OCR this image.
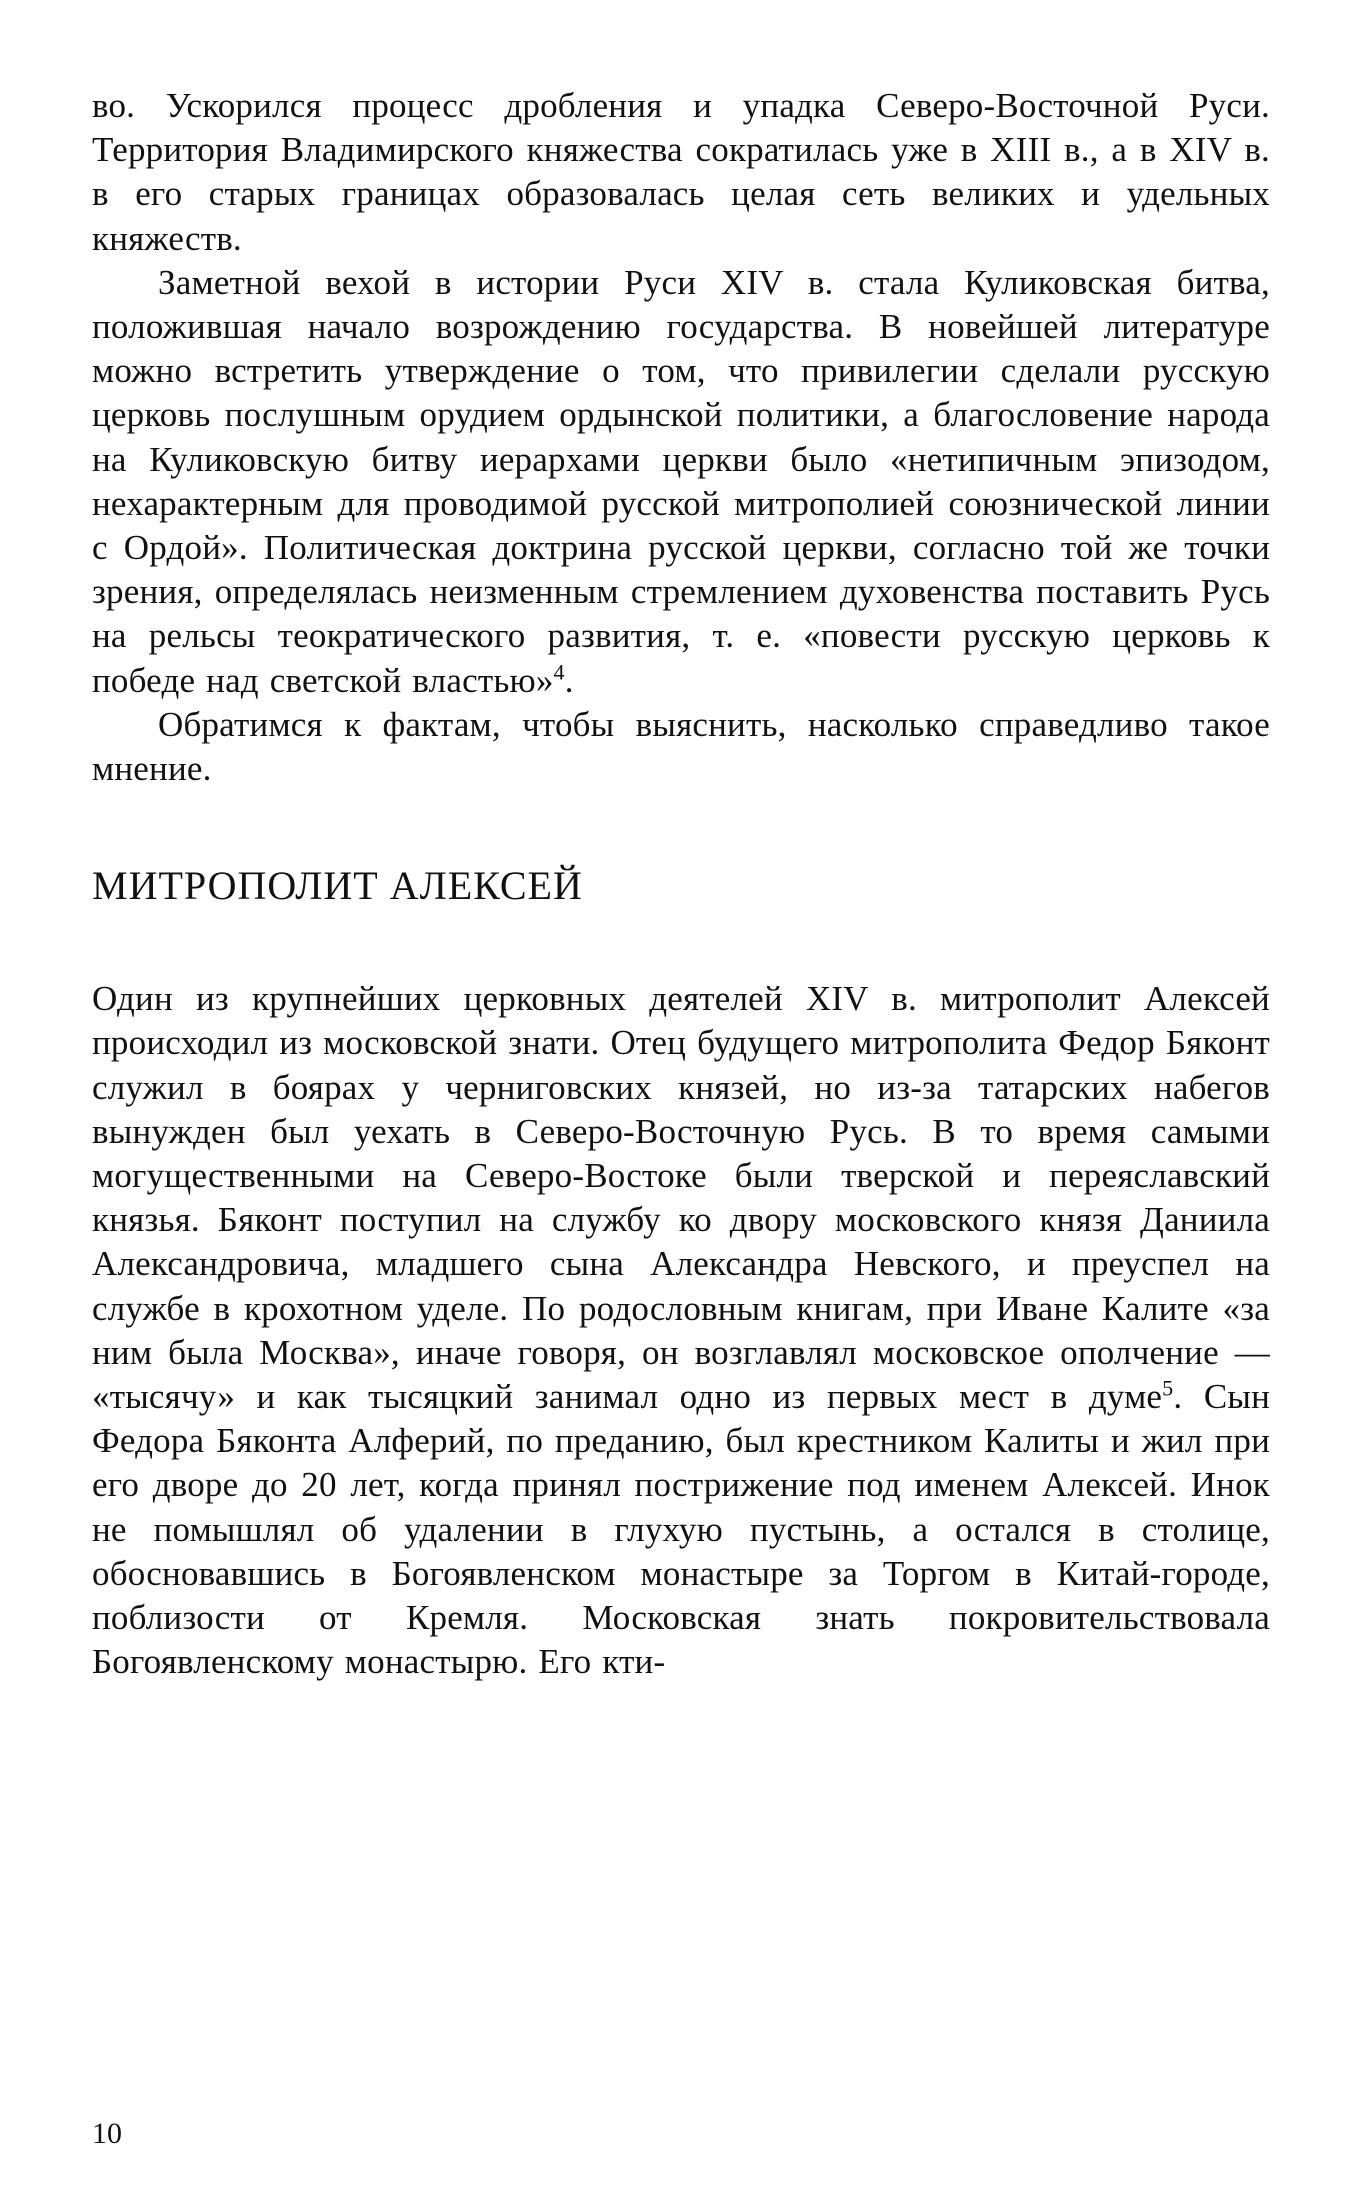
во. Ускорился процесс дробления и упадка Северо-Восточной Руси. Территория Владимирского княжества сократилась уже в XIII в., а в XIV в. в его старых границах образовалась целая сеть великих и удельных княжеств.

Заметной вехой в истории Руси XIV в. стала Куликовская битва, положившая начало возрождению государства. В новейшей литературе можно встретить утверждение о том, что привилегии сделали русскую церковь послушным орудием ордынской политики, а благословение народа на Куликовскую битву иерархами церкви было «нетипичным эпизодом, нехарактерным для проводимой русской митрополией союзнической линии с Ордой». Политическая доктрина русской церкви, согласно той же точки зрения, определялась неизменным стремлением духовенства поставить Русь на рельсы теократического развития, т. е. «повести русскую церковь к победе над светской властью»$^4$.

Обратимся к фактам, чтобы выяснить, насколько справедливо такое мнение.

МИТРОПОЛИТ АЛЕКСЕЙ

Один из крупнейших церковных деятелей XIV в. митрополит Алексей происходил из московской знати. Отец будущего митрополита Федор Бяконт служил в боярах у черниговских князей, но из-за татарских набегов вынужден был уехать в Северо-Восточную Русь. В то время самыми могущественными на Северо-Востоке были тверской и переяславский князья. Бяконт поступил на службу ко двору московского князя Даниила Александровича, младшего сына Александра Невского, и преуспел на службе в крохотном уделе. По родословным книгам, при Иване Калите «за ним была Москва», иначе говоря, он возглавлял московское ополчение — «тысячу» и как тысяцкий занимал одно из первых мест в думе$^5$. Сын Федора Бяконта Алферий, по преданию, был крестником Калиты и жил при его дворе до 20 лет, когда принял пострижение под именем Алексей. Инок не помышлял об удалении в глухую пустынь, а остался в столице, обосновавшись в Богоявленском монастыре за Торгом в Китай-городе, поблизости от Кремля. Московская знать покровительствовала Богоявленскому монастырю. Его кти-

10
